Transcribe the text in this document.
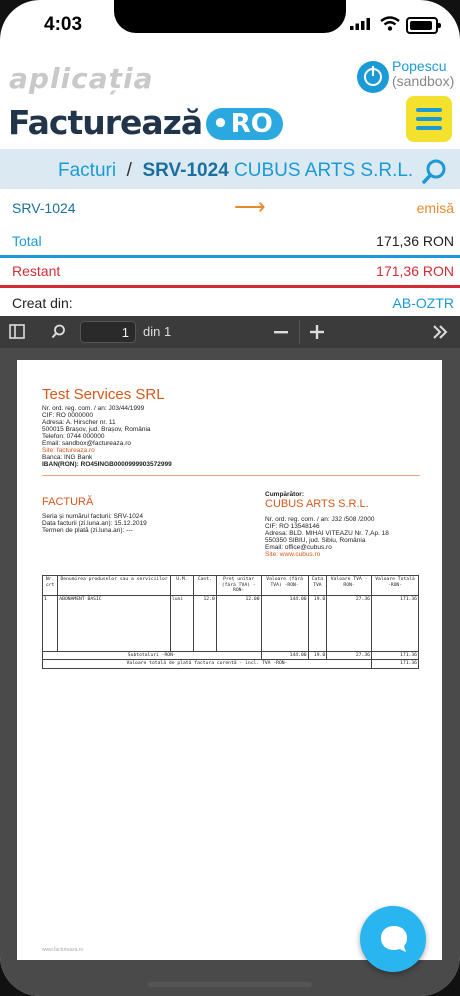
4:03
aplicația
Facturează • RO
Popescu
(sandbox)
Facturi / SRV-1024 CUBUS ARTS S.R.L.
SRV-1024	⟶	emisă
Total	171,36 RON
Restant	171,36 RON
Creat din:	AB-OZTR
1	din 1
Test Services SRL
Nr. ord. reg. com. / an: J03/44/1999
CIF: RO 0000000
Adresa: A. Hirscher nr. 11
500015 Brașov, jud. Brașov, România
Telefon: 0744 000000
Email: sandbox@factureaza.ro
Site: factureaza.ro
Banca: ING Bank
IBAN(RON): RO45INGB0000999903572999
FACTURĂ
Seria și numărul facturii: SRV-1024
Data facturii (zi.luna.an): 15.12.2019
Termen de plată (zi.luna.an): ---
Cumpărător:
CUBUS ARTS S.R.L.
Nr. ord. reg. com. / an: J32 /508 /2000
CIF: RO 13548146
Adresa: BLD. MIHAI VITEAZU Nr. 7,Ap. 18
550350 SIBIU, jud. Sibiu, România
Email: office@cubus.ro
Site: www.cubus.ro
Nr. crt	Denumirea produselor sau a serviciilor	U.M.	Cant.	Preț unitar (fără TVA) -RON-	Valoare (fără TVA) -RON-	Cota TVA	Valoare TVA -RON-	Valoare Totală -RON-
1	ABONAMENT BASIC	luni	12.0	12.00	144.00	19.0	27.36	171.36
Subtotaluri -RON-					144.00	19.0	27.36	171.36
Valoare totală de plată factura curentă - incl. TVA -RON-								171.36
www.factureaza.ro
